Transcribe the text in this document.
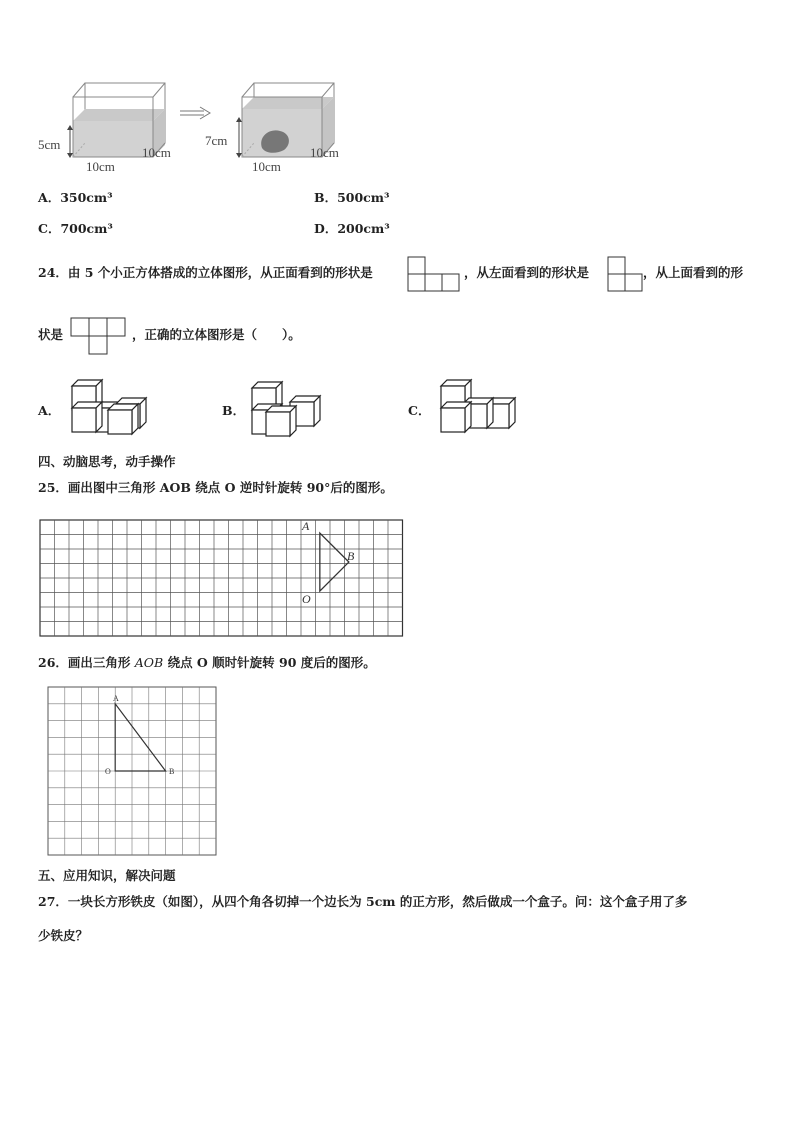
5cm
10cm
10cm
7cm
10cm
10cm
A．350cm³	B．500cm³
C．700cm³	D．200cm³
24．由 5 个小正方体搭成的立体图形，从正面看到的形状是	，从左面看到的形状是	，从上面看到的形
状是	，正确的立体图形是（　　）。
A．	B．	C．
四、动脑思考，动手操作
25．画出图中三角形 AOB 绕点 O 逆时针旋转 90°后的图形。
A
B
O
26．画出三角形 AOB 绕点 O 顺时针旋转 90 度后的图形。
A
O	B
五、应用知识，解决问题
27．一块长方形铁皮（如图），从四个角各切掉一个边长为 5cm 的正方形，然后做成一个盒子。问：这个盒子用了多
少铁皮？
